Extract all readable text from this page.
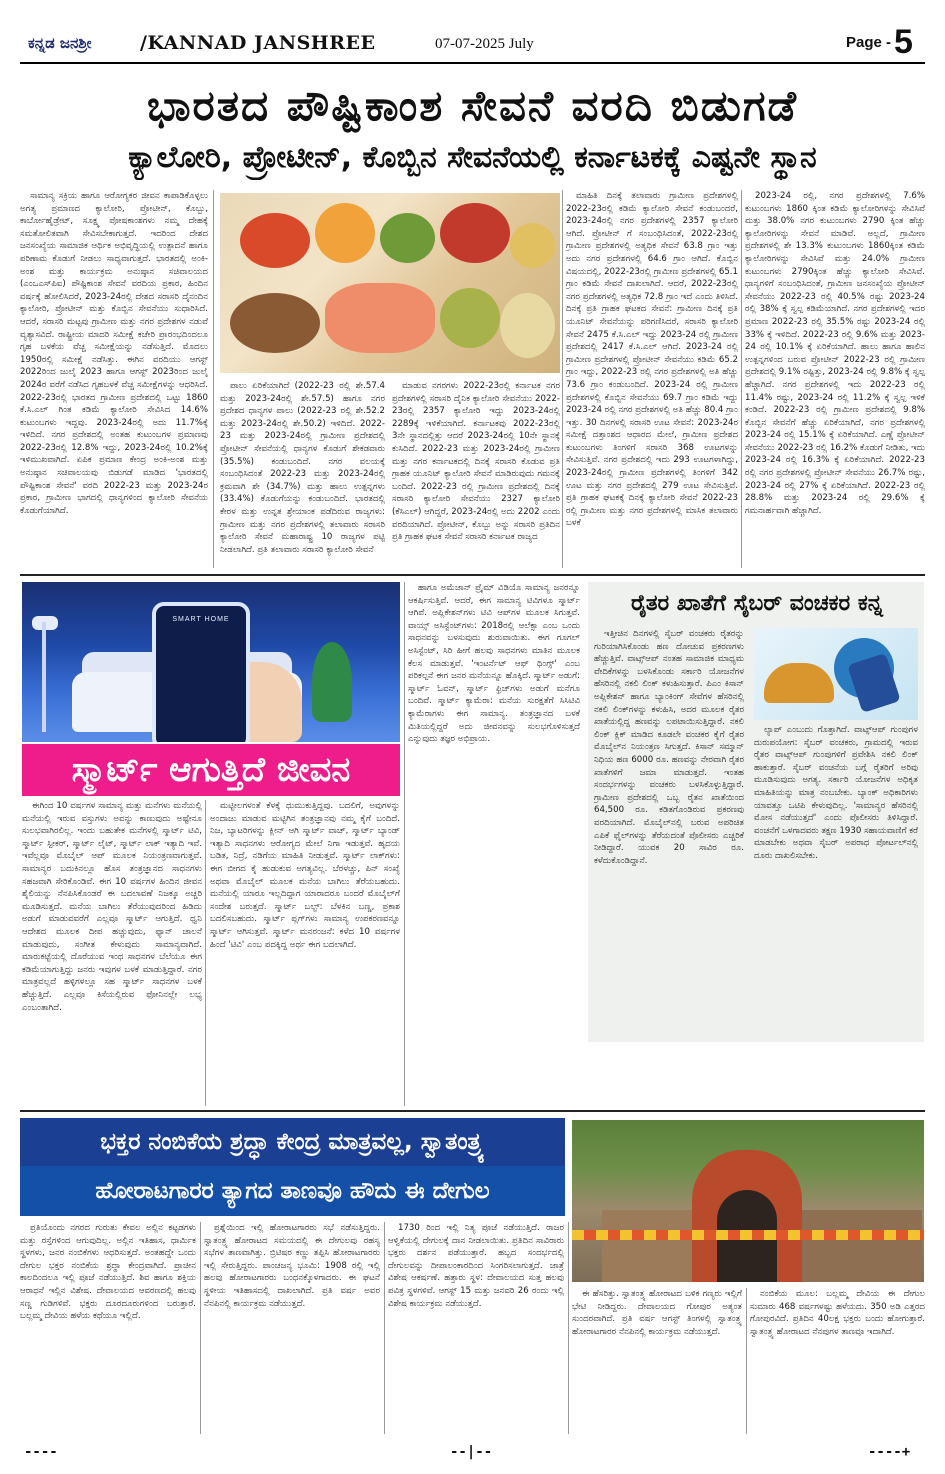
ಕನ್ನಡ ಜನಶ್ರೀ	/KANNAD JANSHREE	07-07-2025 July	Page - 5
ಭಾರತದ ಪೌಷ್ಟಿಕಾಂಶ ಸೇವನೆ ವರದಿ ಬಿಡುಗಡೆ
ಕ್ಯಾಲೋರಿ, ಪ್ರೋಟೀನ್, ಕೊಬ್ಬಿನ ಸೇವನೆಯಲ್ಲಿ ಕರ್ನಾಟಕಕ್ಕೆ ಎಷ್ಟನೇ ಸ್ಥಾನ

ಸಾಮಾನ್ಯ ಸಕ್ರಿಯ ಹಾಗೂ ಆರೋಗ್ಯಕರ ಜೀವನ ಕಾಪಾಡಿಕೊಳ್ಳಲು ಅಗತ್ಯ ಪ್ರಮಾಣದ ಕ್ಯಾಲೋರಿ, ಪ್ರೋಟೀನ್, ಕೊಬ್ಬು, ಕಾರ್ಬೋಹೈಡ್ರೇಟ್, ಸೂಕ್ಷ್ಮ ಪೋಷಕಾಂಶಗಳು ನಮ್ಮ ದೇಹಕ್ಕೆ ಸಮತೋಲಿತವಾಗಿ ಸೇವಿಸಬೇಕಾಗುತ್ತದೆ. ಇದರಿಂದ ದೇಶದ ಜನಸಂಖ್ಯೆಯ ಸಾಮಾಜಿಕ ಆರ್ಥಿಕ ಅಭಿವೃದ್ಧಿಯಲ್ಲಿ ಉತ್ಪಾದನೆ ಹಾಗೂ ಪರಿಣಾಮ ಕೊಡುಗೆ ನೀಡಲು ಸಾಧ್ಯವಾಗುತ್ತದೆ. ಭಾರತದಲ್ಲಿ ಅಂಕಿ-ಅಂಶ ಮತ್ತು ಕಾರ್ಯಕ್ರಮ ಅನುಷ್ಠಾನ ಸಚಿವಾಲಯದ (ಎಂಒಎಸ್‌ಪಿಐ) ಪೌಷ್ಟಿಕಾಂಶ ಸೇವನೆ ವರದಿಯ ಪ್ರಕಾರ, ಹಿಂದಿನ ವರ್ಷಕ್ಕೆ ಹೋಲಿಸಿದರೆ, 2023-24ರಲ್ಲಿ ದೇಶದ ಸರಾಸರಿ ದೈನಂದಿನ ಕ್ಯಾಲೋರಿ, ಪ್ರೋಟೀನ್ ಮತ್ತು ಕೊಬ್ಬಿನ ಸೇವನೆಯು ಸುಧಾರಿಸಿದೆ. ಆದರೆ, ಸರಾಸರಿ ಮಟ್ಟವು ಗ್ರಾಮೀಣ ಮತ್ತು ನಗರ ಪ್ರದೇಶಗಳ ನಡುವೆ ವ್ಯತ್ಯಾಸವಿದೆ. ರಾಷ್ಟ್ರೀಯ ಮಾದರಿ ಸಮೀಕ್ಷೆ ಕಚೇರಿ ಪ್ರಾರಂಭದಿಂದಲೂ ಗೃಹ ಬಳಕೆಯ ವೆಚ್ಚ ಸಮೀಕ್ಷೆಯನ್ನು ನಡೆಸುತ್ತಿದೆ. ಮೊದಲು 1950ರಲ್ಲಿ ಸಮೀಕ್ಷೆ ನಡೆಸಿತ್ತು. ಈಗಿನ ವರದಿಯು ಆಗಸ್ಟ್ 2022ರಿಂದ ಜುಲೈ 2023 ಹಾಗೂ ಆಗಸ್ಟ್ 2023ರಿಂದ ಜುಲೈ 2024ರ ವರೆಗೆ ನಡೆಸಿದ ಗೃಹಬಳಕೆ ವೆಚ್ಚ ಸಮೀಕ್ಷೆಗಳನ್ನು ಆಧರಿಸಿದೆ. 2022-23ರಲ್ಲಿ ಭಾರತದ ಗ್ರಾಮೀಣ ಪ್ರದೇಶದಲ್ಲಿ ಒಟ್ಟು 1860 ಕೆ.ಸಿ.ಎಲ್ ಗಿಂತ ಕಡಿಮೆ ಕ್ಯಾಲೋರಿ ಸೇವಿಸಿದ 14.6% ಕುಟುಂಬಗಳು ಇದ್ದವು. 2023-24ರಲ್ಲಿ ಅದು 11.7%ಕ್ಕೆ ಇಳಿದಿದೆ. ನಗರ ಪ್ರದೇಶದಲ್ಲಿ ಅಂತಹ ಕುಟುಂಬಗಳ ಪ್ರಮಾಣವು 2022-23ರಲ್ಲಿ 12.8% ಇದ್ದು, 2023-24ರಲ್ಲಿ 10.2%ಕ್ಕೆ ಇಳಿಮುಖವಾಗಿದೆ. ಏಪಿಕ ಪ್ರಮಾಣ ಕೇಂದ್ರ ಅಂಕಿ-ಅಂಶ ಮತ್ತು ಅನುಷ್ಠಾನ ಸಚಿವಾಲಯವು ಬಿಡುಗಡೆ ಮಾಡಿದ 'ಭಾರತದಲ್ಲಿ ಪೌಷ್ಟಿಕಾಂಶ ಸೇವನೆ' ವರದಿ 2022-23 ಮತ್ತು 2023-24ರ ಪ್ರಕಾರ, ಗ್ರಾಮೀಣ ಭಾಗದಲ್ಲಿ ಧಾನ್ಯಗಳಿಂದ ಕ್ಯಾಲೋರಿ ಸೇವನೆಯ ಕೊಡುಗೆಯಾಗಿದೆ.

ಪಾಲು ಏರಿಕೆಯಾಗಿದೆ (2022-23 ರಲ್ಲಿ ಶೇ.57.4 ಮತ್ತು 2023-24ರಲ್ಲಿ ಶೇ.57.5) ಹಾಗೂ ನಗರ ಪ್ರದೇಶದ ಧಾನ್ಯಗಳ ಪಾಲು (2022-23 ರಲ್ಲಿ ಶೇ.52.2 ಮತ್ತು 2023-24ರಲ್ಲಿ ಶೇ.50.2) ಇಳಿದಿದೆ. 2022-23 ಮತ್ತು 2023-24ರಲ್ಲಿ ಗ್ರಾಮೀಣ ಪ್ರದೇಶದಲ್ಲಿ ಪ್ರೋಟೀನ್ ಸೇವನೆಯಲ್ಲಿ ಧಾನ್ಯಗಳ ಕೊಡುಗೆ ಶೇಕಡವಾರು (35.5%) ಕಂಡುಬಂದಿದೆ. ನಗರ ವಲಯಕ್ಕೆ ಸಂಬಂಧಿಸಿದಂತೆ 2022-23 ಮತ್ತು 2023-24ರಲ್ಲಿ ಕ್ರಮವಾಗಿ ಶೇ (34.7%) ಮತ್ತು ಹಾಲು ಉತ್ಪನ್ನಗಳು (33.4%) ಕೊಡುಗೆಯನ್ನು ಕಂಡುಬಂದಿದೆ. ಭಾರತದಲ್ಲಿ ಕೇರಳ ಮತ್ತು ಉನ್ನತ ಶ್ರೇಯಾಂಕ ಪಡೆದಿರುವ ರಾಜ್ಯಗಳು: ಗ್ರಾಮೀಣ ಮತ್ತು ನಗರ ಪ್ರದೇಶಗಳಲ್ಲಿ ತಲಾವಾರು ಸರಾಸರಿ ಕ್ಯಾಲೋರಿ ಸೇವನೆ ಮಹಾರಾಷ್ಟ್ರ 10 ರಾಜ್ಯಗಳ ಪಟ್ಟಿ ನೀಡಲಾಗಿದೆ. ಪ್ರತಿ ತಲಾವಾರು ಸರಾಸರಿ ಕ್ಯಾಲೋರಿ ಸೇವನೆ

ಮಾಡುವ ನಗರಗಳು 2022-23ರಲ್ಲಿ ಕರ್ನಾಟಕ ನಗರ ಪ್ರದೇಶಗಳಲ್ಲಿ ಸರಾಸರಿ ದೈನಿಕ ಕ್ಯಾಲೋರಿ ಸೇವನೆಯು 2022-23ರಲ್ಲಿ 2357 ಕ್ಯಾಲೋರಿ ಇದ್ದು 2023-24ರಲ್ಲಿ 2289ಕ್ಕೆ ಇಳಿಕೆಯಾಗಿದೆ. ಕರ್ನಾಟಕವು 2022-23ರಲ್ಲಿ 3ನೇ ಸ್ಥಾನದಲ್ಲಿತ್ತು ಆದರೆ 2023-24ರಲ್ಲಿ 10ನೇ ಸ್ಥಾನಕ್ಕೆ ಕುಸಿದಿದೆ. 2022-23 ಮತ್ತು 2023-24ರಲ್ಲಿ ಗ್ರಾಮೀಣ ಮತ್ತು ನಗರ ಕರ್ನಾಟಕದಲ್ಲಿ ದಿನಕ್ಕೆ ಸರಾಸರಿ ಕೊಡುವ ಪ್ರತಿ ಗ್ರಾಹಕ ಯೂನಿಟ್ ಕ್ಯಾಲೋರಿ ಸೇವನೆ ಮಾಡಿರುವುದು ಗಮನಕ್ಕೆ ಬಂದಿದೆ. 2022-23 ರಲ್ಲಿ ಗ್ರಾಮೀಣ ಪ್ರದೇಶದಲ್ಲಿ ದಿನಕ್ಕೆ ಸರಾಸರಿ ಕ್ಯಾಲೋರಿ ಸೇವನೆಯು 2327 ಕ್ಯಾಲೋರಿ (ಕೆಸಿಎಲ್) ಆಗಿದ್ದರೆ, 2023-24ರಲ್ಲಿ ಅದು 2202 ಎಂದು ವರದಿಯಾಗಿದೆ. ಪ್ರೋಟೀನ್, ಕೊಬ್ಬು ಅನ್ನು ಸರಾಸರಿ ಪ್ರತಿದಿನ ಪ್ರತಿ ಗ್ರಾಹಕ ಘಟಕ ಸೇವನೆ ಸರಾಸರಿ ಕರ್ನಾಟಕ ರಾಜ್ಯದ

ಮಾಹಿತಿ ದಿನಕ್ಕೆ ತಲಾವಾರು ಗ್ರಾಮೀಣ ಪ್ರದೇಶಗಳಲ್ಲಿ 2022-23ರಲ್ಲಿ ಕಡಿಮೆ ಕ್ಯಾಲೋರಿ ಸೇವನೆ ಕಂಡುಬಂದರೆ, 2023-24ರಲ್ಲಿ ನಗರ ಪ್ರದೇಶಗಳಲ್ಲಿ 2357 ಕ್ಯಾಲೋರಿ ಆಗಿದೆ. ಪ್ರೋಟೀನ್ ಗೆ ಸಂಬಂಧಿಸಿದಂತೆ, 2022-23ರಲ್ಲಿ ಗ್ರಾಮೀಣ ಪ್ರದೇಶಗಳಲ್ಲಿ ಅತ್ಯಧಿಕ ಸೇವನೆ 63.8 ಗ್ರಾಂ ಇತ್ತು ಅದು ನಗರ ಪ್ರದೇಶಗಳಲ್ಲಿ 64.6 ಗ್ರಾಂ ಆಗಿದೆ. ಕೊಬ್ಬಿನ ವಿಷಯದಲ್ಲಿ, 2022-23ರಲ್ಲಿ ಗ್ರಾಮೀಣ ಪ್ರದೇಶಗಳಲ್ಲಿ 65.1 ಗ್ರಾಂ ಕಡಿಮೆ ಸೇವನೆ ದಾಖಲಾಗಿದೆ. ಆದರೆ, 2022-23ರಲ್ಲಿ ನಗರ ಪ್ರದೇಶಗಳಲ್ಲಿ ಅತ್ಯಧಿಕ 72.8 ಗ್ರಾಂ ಇದೆ ಎಂದು ತಿಳಿಸಿದೆ. ದಿನಕ್ಕೆ ಪ್ರತಿ ಗ್ರಾಹಕ ಘಟಕದ ಸೇವನೆ: ಗ್ರಾಮೀಣ ದಿನಕ್ಕೆ ಪ್ರತಿ ಯೂನಿಟ್ ಸೇವನೆಯನ್ನು ಪರಿಗಣಿಸಿದರೆ, ಸರಾಸರಿ ಕ್ಯಾಲೋರಿ ಸೇವನೆ 2475 ಕೆ.ಸಿ.ಎಲ್ ಇದ್ದು 2023-24 ರಲ್ಲಿ ಗ್ರಾಮೀಣ ಪ್ರದೇಶದಲ್ಲಿ 2417 ಕೆ.ಸಿ.ಎಲ್ ಆಗಿದೆ. 2023-24 ರಲ್ಲಿ ಗ್ರಾಮೀಣ ಪ್ರದೇಶಗಳಲ್ಲಿ ಪ್ರೋಟೀನ್ ಸೇವನೆಯು ಕಡಿಮೆ 65.2 ಗ್ರಾಂ ಇದ್ದು, 2022-23 ರಲ್ಲಿ ನಗರ ಪ್ರದೇಶಗಳಲ್ಲಿ ಅತಿ ಹೆಚ್ಚು 73.6 ಗ್ರಾಂ ಕಂಡುಬಂದಿದೆ. 2023-24 ರಲ್ಲಿ ಗ್ರಾಮೀಣ ಪ್ರದೇಶಗಳಲ್ಲಿ ಕೊಬ್ಬಿನ ಸೇವನೆಯು 69.7 ಗ್ರಾಂ ಕಡಿಮೆ ಇದ್ದು 2023-24 ರಲ್ಲಿ ನಗರ ಪ್ರದೇಶಗಳಲ್ಲಿ ಅತಿ ಹೆಚ್ಚು 80.4 ಗ್ರಾಂ ಇತ್ತು. 30 ದಿನಗಳಲ್ಲಿ ಸರಾಸರಿ ಊಟ ಸೇವನೆ: 2023-24ರ ಸಮೀಕ್ಷೆ ದತ್ತಾಂಶದ ಆಧಾರದ ಮೇಲೆ, ಗ್ರಾಮೀಣ ಪ್ರದೇಶದ ಕುಟುಂಬಗಳು ತಿಂಗಳಿಗೆ ಸರಾಸರಿ 368 ಊಟಗಳನ್ನು ಸೇವಿಸುತ್ತಿವೆ. ನಗರ ಪ್ರದೇಶದಲ್ಲಿ ಇದು 293 ಊಟಗಳಾಗಿದ್ದು, 2023-24ರಲ್ಲಿ ಗ್ರಾಮೀಣ ಪ್ರದೇಶಗಳಲ್ಲಿ ತಿಂಗಳಿಗೆ 342 ಊಟ ಮತ್ತು ನಗರ ಪ್ರದೇಶದಲ್ಲಿ 279 ಊಟ ಸೇವಿಸುತ್ತಿವೆ. ಪ್ರತಿ ಗ್ರಾಹಕ ಘಟಕಕ್ಕೆ ದಿನಕ್ಕೆ ಕ್ಯಾಲೋರಿ ಸೇವನೆ 2022-23 ರಲ್ಲಿ ಗ್ರಾಮೀಣ ಮತ್ತು ನಗರ ಪ್ರದೇಶಗಳಲ್ಲಿ ಮಾಸಿಕ ತಲಾವಾರು ಬಳಕೆ

2023-24 ರಲ್ಲಿ, ನಗರ ಪ್ರದೇಶಗಳಲ್ಲಿ 7.6% ಕುಟುಂಬಗಳು 1860 ಕ್ಕಿಂತ ಕಡಿಮೆ ಕ್ಯಾಲೋರಿಗಳನ್ನು ಸೇವಿಸಿವೆ ಮತ್ತು 38.0% ನಗರ ಕುಟುಂಬಗಳು 2790 ಕ್ಕಿಂತ ಹೆಚ್ಚು ಕ್ಯಾಲೋರಿಗಳನ್ನು ಸೇವನೆ ಮಾಡಿವೆ. ಅಲ್ಲದೆ, ಗ್ರಾಮೀಣ ಪ್ರದೇಶಗಳಲ್ಲಿ ಶೇ 13.3% ಕುಟುಂಬಗಳು 1860ಕ್ಕಿಂತ ಕಡಿಮೆ ಕ್ಯಾಲೋರಿಗಳನ್ನು ಸೇವಿಸಿವೆ ಮತ್ತು 24.0% ಗ್ರಾಮೀಣ ಕುಟುಂಬಗಳು 2790ಕ್ಕಿಂತ ಹೆಚ್ಚು ಕ್ಯಾಲೋರಿ ಸೇವಿಸಿವೆ. ಧಾನ್ಯಗಳಿಗೆ ಸಂಬಂಧಿಸಿದಂತೆ, ಗ್ರಾಮೀಣ ಜನಸಂಖ್ಯೆಯ ಪ್ರೋಟೀನ್ ಸೇವನೆಯು 2022-23 ರಲ್ಲಿ 40.5% ರಷ್ಟು 2023-24 ರಲ್ಲಿ 38% ಕ್ಕೆ ಸ್ವಲ್ಪ ಕಡಿಮೆಯಾಗಿದೆ. ನಗರ ಪ್ರದೇಶಗಳಲ್ಲಿ ಇದರ ಪ್ರಮಾಣ 2022-23 ರಲ್ಲಿ 35.5% ರಷ್ಟು 2023-24 ರಲ್ಲಿ 33% ಕ್ಕೆ ಇಳಿದಿದೆ. 2022-23 ರಲ್ಲಿ 9.6% ಮತ್ತು 2023-24 ರಲ್ಲಿ 10.1% ಕ್ಕೆ ಏರಿಕೆಯಾಗಿದೆ. ಹಾಲು ಹಾಗೂ ಹಾಲಿನ ಉತ್ಪನ್ನಗಳಿಂದ ಬರುವ ಪ್ರೋಟೀನ್ 2022-23 ರಲ್ಲಿ ಗ್ರಾಮೀಣ ಪ್ರದೇಶದಲ್ಲಿ 9.1% ರಷ್ಟಿತ್ತು, 2023-24 ರಲ್ಲಿ 9.8% ಕ್ಕೆ ಸ್ವಲ್ಪ ಹೆಚ್ಚಾಗಿದೆ. ನಗರ ಪ್ರದೇಶಗಳಲ್ಲಿ ಇದು 2022-23 ರಲ್ಲಿ 11.4% ರಷ್ಟು, 2023-24 ರಲ್ಲಿ 11.2% ಕ್ಕೆ ಸ್ವಲ್ಪ ಇಳಿಕೆ ಕಂಡಿದೆ. 2022-23 ರಲ್ಲಿ ಗ್ರಾಮೀಣ ಪ್ರದೇಶದಲ್ಲಿ 9.8% ಕೊಬ್ಬಿನ ಸೇವನೆಗೆ ಹೆಚ್ಚು ಏರಿಕೆಯಾಗಿದೆ, ನಗರ ಪ್ರದೇಶಗಳಲ್ಲಿ 2023-24 ರಲ್ಲಿ 15.1% ಕ್ಕೆ ಏರಿಕೆಯಾಗಿದೆ. ಎಣ್ಣೆ ಪ್ರೋಟೀನ್ ಸೇವನೆಯು 2022-23 ರಲ್ಲಿ 16.2% ಕೊಡುಗೆ ನೀಡಿತು, ಇದು 2023-24 ರಲ್ಲಿ 16.3% ಕ್ಕೆ ಏರಿಕೆಯಾಗಿದೆ. 2022-23 ರಲ್ಲಿ ನಗರ ಪ್ರದೇಶಗಳಲ್ಲಿ ಪ್ರೋಟೀನ್ ಸೇವನೆಯು 26.7% ರಷ್ಟು, 2023-24 ರಲ್ಲಿ 27% ಕ್ಕೆ ಏರಿಕೆಯಾಗಿದೆ. 2022-23 ರಲ್ಲಿ 28.8% ಮತ್ತು 2023-24 ರಲ್ಲಿ 29.6% ಕ್ಕೆ ಗಮನಾರ್ಹವಾಗಿ ಹೆಚ್ಚಾಗಿದೆ.

SMART HOME
ಸ್ಮಾರ್ಟ್ ಆಗುತ್ತಿದೆ ಜೀವನ

ಈಗಿಂದ 10 ವರ್ಷಗಳ ಸಾಮಾನ್ಯ ಮತ್ತು ಮನೆಗಳು ಮನೆಯಲ್ಲಿ ಮನೆಯಲ್ಲಿ ಇರುವ ವಸ್ತುಗಳು ಅವನ್ನು ಕಾಣುವುದು ಅಷ್ಟೇನೂ ಸುಲಭವಾಗಿರಲಿಲ್ಲ. ಇಂದು ಬಹುತೇಕ ಮನೆಗಳಲ್ಲಿ ಸ್ಮಾರ್ಟ್ ಟಿವಿ, ಸ್ಮಾರ್ಟ್ ಸ್ಪೀಕರ್, ಸ್ಮಾರ್ಟ್ ಲೈಟ್, ಸ್ಮಾರ್ಟ್ ಲಾಕ್ ಇತ್ಯಾದಿ ಇವೆ. ಇವೆಲ್ಲವೂ ಮೊಬೈಲ್ ಆಪ್ ಮೂಲಕ ನಿಯಂತ್ರಣವಾಗುತ್ತವೆ. ಸಾಮಾನ್ಯರ ಬದುಕಿನಲ್ಲೂ ಹೊಸ ತಂತ್ರಜ್ಞಾನದ ಸಾಧನಗಳು ಸಹಜವಾಗಿ ಸೇರಿಕೊಂಡಿವೆ. ಈಗ 10 ವರ್ಷಗಳ ಹಿಂದಿನ ಜೀವನ ಶೈಲಿಯನ್ನು ನೆನಪಿಸಿಕೊಂಡರೆ ಈ ಬದಲಾವಣೆ ನಿಜಕ್ಕೂ ಅಚ್ಚರಿ ಮೂಡಿಸುತ್ತದೆ. ಮನೆಯ ಬಾಗಿಲು ತೆರೆಯುವುದರಿಂದ ಹಿಡಿದು ಅಡುಗೆ ಮಾಡುವವರೆಗೆ ಎಲ್ಲವೂ ಸ್ಮಾರ್ಟ್ ಆಗುತ್ತಿದೆ. ಧ್ವನಿ ಆದೇಶದ ಮೂಲಕ ದೀಪ ಹಚ್ಚುವುದು, ಫ್ಯಾನ್ ಚಾಲನೆ ಮಾಡುವುದು, ಸಂಗೀತ ಕೇಳುವುದು ಸಾಮಾನ್ಯವಾಗಿದೆ. ಮಾರುಕಟ್ಟೆಯಲ್ಲಿ ದೊರೆಯುವ ಇಂಥ ಸಾಧನಗಳ ಬೆಲೆಯೂ ಈಗ ಕಡಿಮೆಯಾಗುತ್ತಿದ್ದು ಜನರು ಇವುಗಳ ಬಳಕೆ ಮಾಡುತ್ತಿದ್ದಾರೆ. ನಗರ ಮಾತ್ರವಲ್ಲದೆ ಹಳ್ಳಿಗಳಲ್ಲೂ ಸಹ ಸ್ಮಾರ್ಟ್ ಸಾಧನಗಳ ಬಳಕೆ ಹೆಚ್ಚುತ್ತಿದೆ. ಎಲ್ಲವೂ ಕಿಸೆಯಲ್ಲಿರುವ ಫೋನಿನಲ್ಲೇ ಲಭ್ಯ ಎಂಬಂತಾಗಿದೆ.

ಮಟ್ಟೀಲಗಳಂತೆ ಕೆಳಕ್ಕೆ ಧುಮುಕುತ್ತಿದ್ದವು. ಬದಲಿಗೆ, ಅವುಗಳನ್ನು ಅಂದಾಜು ಮಾಡುವ ಮಟ್ಟಿಗಿನ ತಂತ್ರಜ್ಞಾನವು ನಮ್ಮ ಕೈಗೆ ಬಂದಿದೆ. ನಿಜ, ಬ್ಯಾಟರಿಗಳನ್ನು ಕ್ಲೀನ್ ಆಗಿ ಸ್ಮಾರ್ಟ್ ವಾಚ್, ಸ್ಮಾರ್ಟ್ ಬ್ಯಾಂಡ್ ಇತ್ಯಾದಿ ಸಾಧನಗಳು ಆರೋಗ್ಯದ ಮೇಲೆ ನಿಗಾ ಇಡುತ್ತವೆ. ಹೃದಯ ಬಡಿತ, ನಿದ್ರೆ, ನಡಿಗೆಯ ಮಾಹಿತಿ ನೀಡುತ್ತವೆ. ಸ್ಮಾರ್ಟ್ ಲಾಕ್‌ಗಳು: ಈಗ ಬೀಗದ ಕೈ ಹುಡುಕುವ ಅಗತ್ಯವಿಲ್ಲ. ಬೆರಳಚ್ಚು, ಪಿನ್ ಸಂಖ್ಯೆ ಅಥವಾ ಮೊಬೈಲ್ ಮೂಲಕ ಮನೆಯ ಬಾಗಿಲು ತೆರೆಯಬಹುದು. ಮನೆಯಲ್ಲಿ ಯಾರೂ ಇಲ್ಲದಿದ್ದಾಗ ಯಾರಾದರೂ ಬಂದರೆ ಮೊಬೈಲ್‌ಗೆ ಸಂದೇಶ ಬರುತ್ತದೆ. ಸ್ಮಾರ್ಟ್ ಬಲ್ಬ್: ಬೆಳಕಿನ ಬಣ್ಣ, ಪ್ರಕಾಶ ಬದಲಿಸಬಹುದು. ಸ್ಮಾರ್ಟ್ ಪ್ಲಗ್‌ಗಳು ಸಾಮಾನ್ಯ ಉಪಕರಣವನ್ನೂ ಸ್ಮಾರ್ಟ್ ಆಗಿಸುತ್ತವೆ. ಸ್ಮಾರ್ಟ್ ಮನರಂಜನೆ: ಕಳೆದ 10 ವರ್ಷಗಳ ಹಿಂದೆ 'ಟಿವಿ' ಎಂಬ ಪದಕ್ಕಿದ್ದ ಅರ್ಥ ಈಗ ಬದಲಾಗಿದೆ.

ಹಾಗೂ ಅಮೆಜಾನ್ ಪ್ರೈಮ್ ವಿಡಿಯೊ ಸಾಮಾನ್ಯ ಜನರನ್ನೂ ಆಕರ್ಷಿಸುತ್ತಿವೆ. ಆದರೆ, ಈಗ ಸಾಮಾನ್ಯ ಟಿವಿಗಳೂ ಸ್ಮಾರ್ಟ್ ಆಗಿವೆ. ಅಪ್ಲಿಕೇಶನ್‌ಗಳು ಟಿವಿ ಆಪ್‌ಗಳ ಮೂಲಕ ಸಿಗುತ್ತವೆ. ವಾಯ್ಸ್ ಅಸಿಸ್ಟೆಂಟ್‌ಗಳು: 2018ರಲ್ಲಿ ಆಲೆಕ್ಸಾ ಎಂಬ ಒಂದು ಸಾಧನವನ್ನು ಬಳಸುವುದು ಶುರುವಾಯಿತು. ಈಗ ಗೂಗಲ್ ಅಸಿಸ್ಟೆಂಟ್, ಸಿರಿ ಹೀಗೆ ಹಲವು ಸಾಧನಗಳು ಮಾತಿನ ಮೂಲಕ ಕೆಲಸ ಮಾಡುತ್ತವೆ. 'ಇಂಟರ್ನೆಟ್ ಆಫ್ ಥಿಂಗ್ಸ್' ಎಂಬ ಪರಿಕಲ್ಪನೆ ಈಗ ಜನರ ಮನೆಯನ್ನೂ ಹೊಕ್ಕಿದೆ. ಸ್ಮಾರ್ಟ್ ಅಡುಗೆ: ಸ್ಮಾರ್ಟ್ ಓವನ್, ಸ್ಮಾರ್ಟ್ ಫ್ರಿಜ್‌ಗಳು ಅಡುಗೆ ಮನೆಗೂ ಬಂದಿವೆ. ಸ್ಮಾರ್ಟ್ ಕ್ಯಾಮೆರಾ: ಮನೆಯ ಸುರಕ್ಷತೆಗೆ ಸಿಸಿಟಿವಿ ಕ್ಯಾಮೆರಾಗಳು ಈಗ ಸಾಮಾನ್ಯ. ತಂತ್ರಜ್ಞಾನದ ಬಳಕೆ ಮಿತಿಯಲ್ಲಿದ್ದರೆ ಅದು ಜೀವನವನ್ನು ಸುಲಭಗೊಳಿಸುತ್ತದೆ ಎನ್ನುವುದು ತಜ್ಞರ ಅಭಿಪ್ರಾಯ.

ರೈತರ ಖಾತೆಗೆ ಸೈಬರ್ ವಂಚಕರ ಕನ್ನ

ಇತ್ತೀಚಿನ ದಿನಗಳಲ್ಲಿ ಸೈಬರ್ ವಂಚಕರು ರೈತರನ್ನು ಗುರಿಯಾಗಿಸಿಕೊಂಡು ಹಣ ದೋಚುವ ಪ್ರಕರಣಗಳು ಹೆಚ್ಚುತ್ತಿವೆ. ವಾಟ್ಸ್‌ಆಪ್ ನಂತಹ ಸಾಮಾಜಿಕ ಮಾಧ್ಯಮ ವೇದಿಕೆಗಳನ್ನು ಬಳಸಿಕೊಂಡು ಸರ್ಕಾರಿ ಯೋಜನೆಗಳ ಹೆಸರಿನಲ್ಲಿ ನಕಲಿ ಲಿಂಕ್ ಕಳುಹಿಸುತ್ತಾರೆ. ಪಿಎಂ ಕಿಸಾನ್ ಅಪ್ಲಿಕೇಶನ್ ಹಾಗೂ ಬ್ಯಾಂಕಿಂಗ್ ಸೇವೆಗಳ ಹೆಸರಿನಲ್ಲಿ ನಕಲಿ ಲಿಂಕ್‌ಗಳನ್ನು ಕಳುಹಿಸಿ, ಅದರ ಮೂಲಕ ರೈತರ ಖಾತೆಯಲ್ಲಿದ್ದ ಹಣವನ್ನು ಲಪಟಾಯಿಸುತ್ತಿದ್ದಾರೆ. ನಕಲಿ ಲಿಂಕ್ ಕ್ಲಿಕ್ ಮಾಡಿದ ಕೂಡಲೇ ವಂಚಕರ ಕೈಗೆ ರೈತರ ಮೊಬೈಲ್‌ನ ನಿಯಂತ್ರಣ ಸಿಗುತ್ತದೆ. ಕಿಸಾನ್ ಸಮ್ಮಾನ್ ನಿಧಿಯ ಹಣ 6000 ರೂ. ಹಣವನ್ನು ನೇರವಾಗಿ ರೈತರ ಖಾತೆಗಳಿಗೆ ಜಮಾ ಮಾಡುತ್ತದೆ. ಇಂತಹ ಸಂದರ್ಭಗಳನ್ನು ವಂಚಕರು ಬಳಸಿಕೊಳ್ಳುತ್ತಿದ್ದಾರೆ. ಗ್ರಾಮೀಣ ಪ್ರದೇಶದಲ್ಲಿ ಒಬ್ಬ ರೈತನ ಖಾತೆಯಿಂದ 64,500 ರೂ. ಕಡಿತಗೊಂಡಿರುವ ಪ್ರಕರಣವು ವರದಿಯಾಗಿದೆ. ಮೊಬೈಲ್‌ನಲ್ಲಿ ಬರುವ ಅಪರಿಚಿತ ಎಪಿಕೆ ಫೈಲ್‌ಗಳನ್ನು ತೆರೆಯದಂತೆ ಪೊಲೀಸರು ಎಚ್ಚರಿಕೆ ನೀಡಿದ್ದಾರೆ. ಯುವಕ 20 ಸಾವಿರ ರೂ. ಕಳೆದುಕೊಂಡಿದ್ದಾನೆ.

ಲ್ಯಾಪ್ ಎಂಬುದು ಗೊತ್ತಾಗಿದೆ. ವಾಟ್ಸ್‌ಆಪ್ ಗುಂಪುಗಳ ದುರುಪಯೋಗ: ಸೈಬರ್ ವಂಚಕರು, ಗ್ರಾಮದಲ್ಲಿ ಇರುವ ರೈತರ ವಾಟ್ಸ್‌ಆಪ್ ಗುಂಪುಗಳಿಗೆ ಪ್ರವೇಶಿಸಿ ನಕಲಿ ಲಿಂಕ್ ಹಾಕುತ್ತಾರೆ. ಸೈಬರ್ ವಂಚನೆಯ ಬಗ್ಗೆ ರೈತರಿಗೆ ಅರಿವು ಮೂಡಿಸುವುದು ಅಗತ್ಯ. ಸರ್ಕಾರಿ ಯೋಜನೆಗಳ ಅಧಿಕೃತ ಮಾಹಿತಿಯನ್ನು ಮಾತ್ರ ನಂಬಬೇಕು. ಬ್ಯಾಂಕ್ ಅಧಿಕಾರಿಗಳು ಯಾವತ್ತೂ ಒಟಿಪಿ ಕೇಳುವುದಿಲ್ಲ. 'ಸಾಮಾನ್ಯರ ಹೆಸರಿನಲ್ಲಿ ಮೋಸ ನಡೆಯುತ್ತದೆ' ಎಂದು ಪೊಲೀಸರು ತಿಳಿಸಿದ್ದಾರೆ. ವಂಚನೆಗೆ ಒಳಗಾದವರು ತಕ್ಷಣ 1930 ಸಹಾಯವಾಣಿಗೆ ಕರೆ ಮಾಡಬೇಕು ಅಥವಾ ಸೈಬರ್ ಅಪರಾಧ ಪೋರ್ಟಲ್‌ನಲ್ಲಿ ದೂರು ದಾಖಲಿಸಬೇಕು.

ಭಕ್ತರ ನಂಬಿಕೆಯ ಶ್ರದ್ಧಾ ಕೇಂದ್ರ ಮಾತ್ರವಲ್ಲ, ಸ್ವಾತಂತ್ರ್ಯ
ಹೋರಾಟಗಾರರ ತ್ಯಾಗದ ತಾಣವೂ ಹೌದು ಈ ದೇಗುಲ

ಪ್ರತಿಯೊಂದು ನಗರದ ಗುರುತು ಕೇವಲ ಅಲ್ಲಿನ ಕಟ್ಟಡಗಳು ಮತ್ತು ರಸ್ತೆಗಳಿಂದ ಆಗುವುದಿಲ್ಲ. ಅಲ್ಲಿನ ಇತಿಹಾಸ, ಧಾರ್ಮಿಕ ಸ್ಥಳಗಳು, ಜನರ ನಂಬಿಕೆಗಳು ಆಧರಿಸುತ್ತದೆ. ಅಂತಹದ್ದೇ ಒಂದು ದೇಗುಲ ಭಕ್ತರ ನಂಬಿಕೆಯ ಶ್ರದ್ಧಾ ಕೇಂದ್ರವಾಗಿದೆ. ಪ್ರಾಚೀನ ಕಾಲದಿಂದಲೂ ಇಲ್ಲಿ ಪೂಜೆ ನಡೆಯುತ್ತಿದೆ. ಶಿವ ಹಾಗೂ ಶಕ್ತಿಯ ಆರಾಧನೆ ಇಲ್ಲಿನ ವಿಶೇಷ. ದೇವಾಲಯದ ಆವರಣದಲ್ಲಿ ಹಲವು ಸಣ್ಣ ಗುಡಿಗಳಿವೆ. ಭಕ್ತರು ದೂರದೂರುಗಳಿಂದ ಬರುತ್ತಾರೆ. ಬಲ್ಲಮ್ಮ ದೇವಿಯ ಹಳೆಯ ಕಥೆಯೂ ಇಲ್ಲಿದೆ.

ಪ್ರಶ್ನೆಯಿಂದ ಇಲ್ಲಿ ಹೋರಾಟಗಾರರು ಸಭೆ ನಡೆಸುತ್ತಿದ್ದರು. ಸ್ವಾತಂತ್ರ್ಯ ಹೋರಾಟದ ಸಮಯದಲ್ಲಿ ಈ ದೇಗುಲವು ರಹಸ್ಯ ಸಭೆಗಳ ತಾಣವಾಗಿತ್ತು. ಬ್ರಿಟಿಷರ ಕಣ್ಣು ತಪ್ಪಿಸಿ ಹೋರಾಟಗಾರರು ಇಲ್ಲಿ ಸೇರುತ್ತಿದ್ದರು. ಪಾಂಚಜನ್ಯ ಭೂಮಿ: 1908 ರಲ್ಲಿ ಇಲ್ಲಿ ಹಲವು ಹೋರಾಟಗಾರರು ಬಂಧನಕ್ಕೊಳಗಾದರು. ಈ ಘಟನೆ ಸ್ಥಳೀಯ ಇತಿಹಾಸದಲ್ಲಿ ದಾಖಲಾಗಿದೆ. ಪ್ರತಿ ವರ್ಷ ಅವರ ನೆನಪಿನಲ್ಲಿ ಕಾರ್ಯಕ್ರಮ ನಡೆಯುತ್ತದೆ.

1730 ರಿಂದ ಇಲ್ಲಿ ನಿತ್ಯ ಪೂಜೆ ನಡೆಯುತ್ತಿದೆ. ರಾಜರ ಆಳ್ವಿಕೆಯಲ್ಲಿ ದೇಗುಲಕ್ಕೆ ದಾನ ನೀಡಲಾಯಿತು. ಪ್ರತಿದಿನ ಸಾವಿರಾರು ಭಕ್ತರು ದರ್ಶನ ಪಡೆಯುತ್ತಾರೆ. ಹಬ್ಬದ ಸಂದರ್ಭದಲ್ಲಿ ದೇಗುಲವನ್ನು ದೀಪಾಲಂಕಾರದಿಂದ ಸಿಂಗರಿಸಲಾಗುತ್ತದೆ. ಜಾತ್ರೆ ವಿಶೇಷ ಆಕರ್ಷಣೆ. ಹತ್ತಾರು ಸ್ಥಳ: ದೇವಾಲಯದ ಸುತ್ತ ಹಲವು ಪವಿತ್ರ ಸ್ಥಳಗಳಿವೆ. ಆಗಸ್ಟ್ 15 ಮತ್ತು ಜನವರಿ 26 ರಂದು ಇಲ್ಲಿ ವಿಶೇಷ ಕಾರ್ಯಕ್ರಮ ನಡೆಯುತ್ತದೆ.

ಈ ಹೆಸರಿತ್ತು. ಸ್ವಾತಂತ್ರ್ಯ ಹೋರಾಟದ ಬಳಿಕ ಗಣ್ಯರು ಇಲ್ಲಿಗೆ ಭೇಟಿ ನೀಡಿದ್ದರು. ದೇವಾಲಯದ ಗೋಪುರ ಅತ್ಯಂತ ಸುಂದರವಾಗಿದೆ. ಪ್ರತಿ ವರ್ಷ ಆಗಸ್ಟ್ ತಿಂಗಳಲ್ಲಿ ಸ್ವಾತಂತ್ರ್ಯ ಹೋರಾಟಗಾರರ ನೆನಪಿನಲ್ಲಿ ಕಾರ್ಯಕ್ರಮ ನಡೆಯುತ್ತದೆ.

ನಂಬಿಕೆಯ ಮೂಲ: ಬಲ್ಲಮ್ಮ ದೇವಿಯ ಈ ದೇಗುಲ ಸುಮಾರು 468 ವರ್ಷಗಳಷ್ಟು ಹಳೆಯದು. 350 ಅಡಿ ಎತ್ತರದ ಗೋಪುರವಿದೆ. ಪ್ರತಿದಿನ 40ಲಕ್ಷ ಭಕ್ತರು ಬಂದು ಹೋಗುತ್ತಾರೆ. ಸ್ವಾತಂತ್ರ್ಯ ಹೋರಾಟದ ನೆನಪುಗಳ ತಾಣವೂ ಇದಾಗಿದೆ.

----	--|--	----+
